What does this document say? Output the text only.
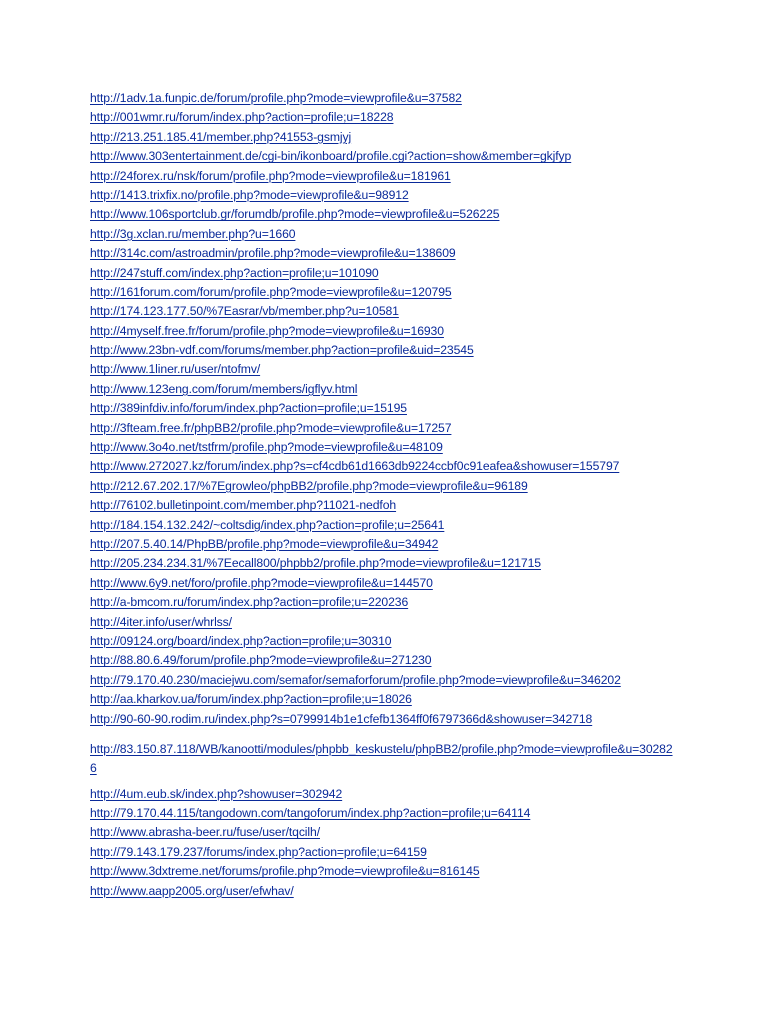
http://1adv.1a.funpic.de/forum/profile.php?mode=viewprofile&u=37582
http://001wmr.ru/forum/index.php?action=profile;u=18228
http://213.251.185.41/member.php?41553-gsmjyj
http://www.303entertainment.de/cgi-bin/ikonboard/profile.cgi?action=show&member=gkjfyp
http://24forex.ru/nsk/forum/profile.php?mode=viewprofile&u=181961
http://1413.trixfix.no/profile.php?mode=viewprofile&u=98912
http://www.106sportclub.gr/forumdb/profile.php?mode=viewprofile&u=526225
http://3g.xclan.ru/member.php?u=1660
http://314c.com/astroadmin/profile.php?mode=viewprofile&u=138609
http://247stuff.com/index.php?action=profile;u=101090
http://161forum.com/forum/profile.php?mode=viewprofile&u=120795
http://174.123.177.50/%7Easrar/vb/member.php?u=10581
http://4myself.free.fr/forum/profile.php?mode=viewprofile&u=16930
http://www.23bn-vdf.com/forums/member.php?action=profile&uid=23545
http://www.1liner.ru/user/ntofmv/
http://www.123eng.com/forum/members/igflyv.html
http://389infdiv.info/forum/index.php?action=profile;u=15195
http://3fteam.free.fr/phpBB2/profile.php?mode=viewprofile&u=17257
http://www.3o4o.net/tstfrm/profile.php?mode=viewprofile&u=48109
http://www.272027.kz/forum/index.php?s=cf4cdb61d1663db9224ccbf0c91eafea&showuser=155797
http://212.67.202.17/%7Egrowleo/phpBB2/profile.php?mode=viewprofile&u=96189
http://76102.bulletinpoint.com/member.php?11021-nedfoh
http://184.154.132.242/~coltsdig/index.php?action=profile;u=25641
http://207.5.40.14/PhpBB/profile.php?mode=viewprofile&u=34942
http://205.234.234.31/%7Eecall800/phpbb2/profile.php?mode=viewprofile&u=121715
http://www.6y9.net/foro/profile.php?mode=viewprofile&u=144570
http://a-bmcom.ru/forum/index.php?action=profile;u=220236
http://4iter.info/user/whrlss/
http://09124.org/board/index.php?action=profile;u=30310
http://88.80.6.49/forum/profile.php?mode=viewprofile&u=271230
http://79.170.40.230/maciejwu.com/semafor/semaforforum/profile.php?mode=viewprofile&u=346202
http://aa.kharkov.ua/forum/index.php?action=profile;u=18026
http://90-60-90.rodim.ru/index.php?s=0799914b1e1cfefb1364ff0f6797366d&showuser=342718
http://83.150.87.118/WB/kanootti/modules/phpbb_keskustelu/phpBB2/profile.php?mode=viewprofile&u=302826
http://4um.eub.sk/index.php?showuser=302942
http://79.170.44.115/tangodown.com/tangoforum/index.php?action=profile;u=64114
http://www.abrasha-beer.ru/fuse/user/tqcilh/
http://79.143.179.237/forums/index.php?action=profile;u=64159
http://www.3dxtreme.net/forums/profile.php?mode=viewprofile&u=816145
http://www.aapp2005.org/user/efwhav/
